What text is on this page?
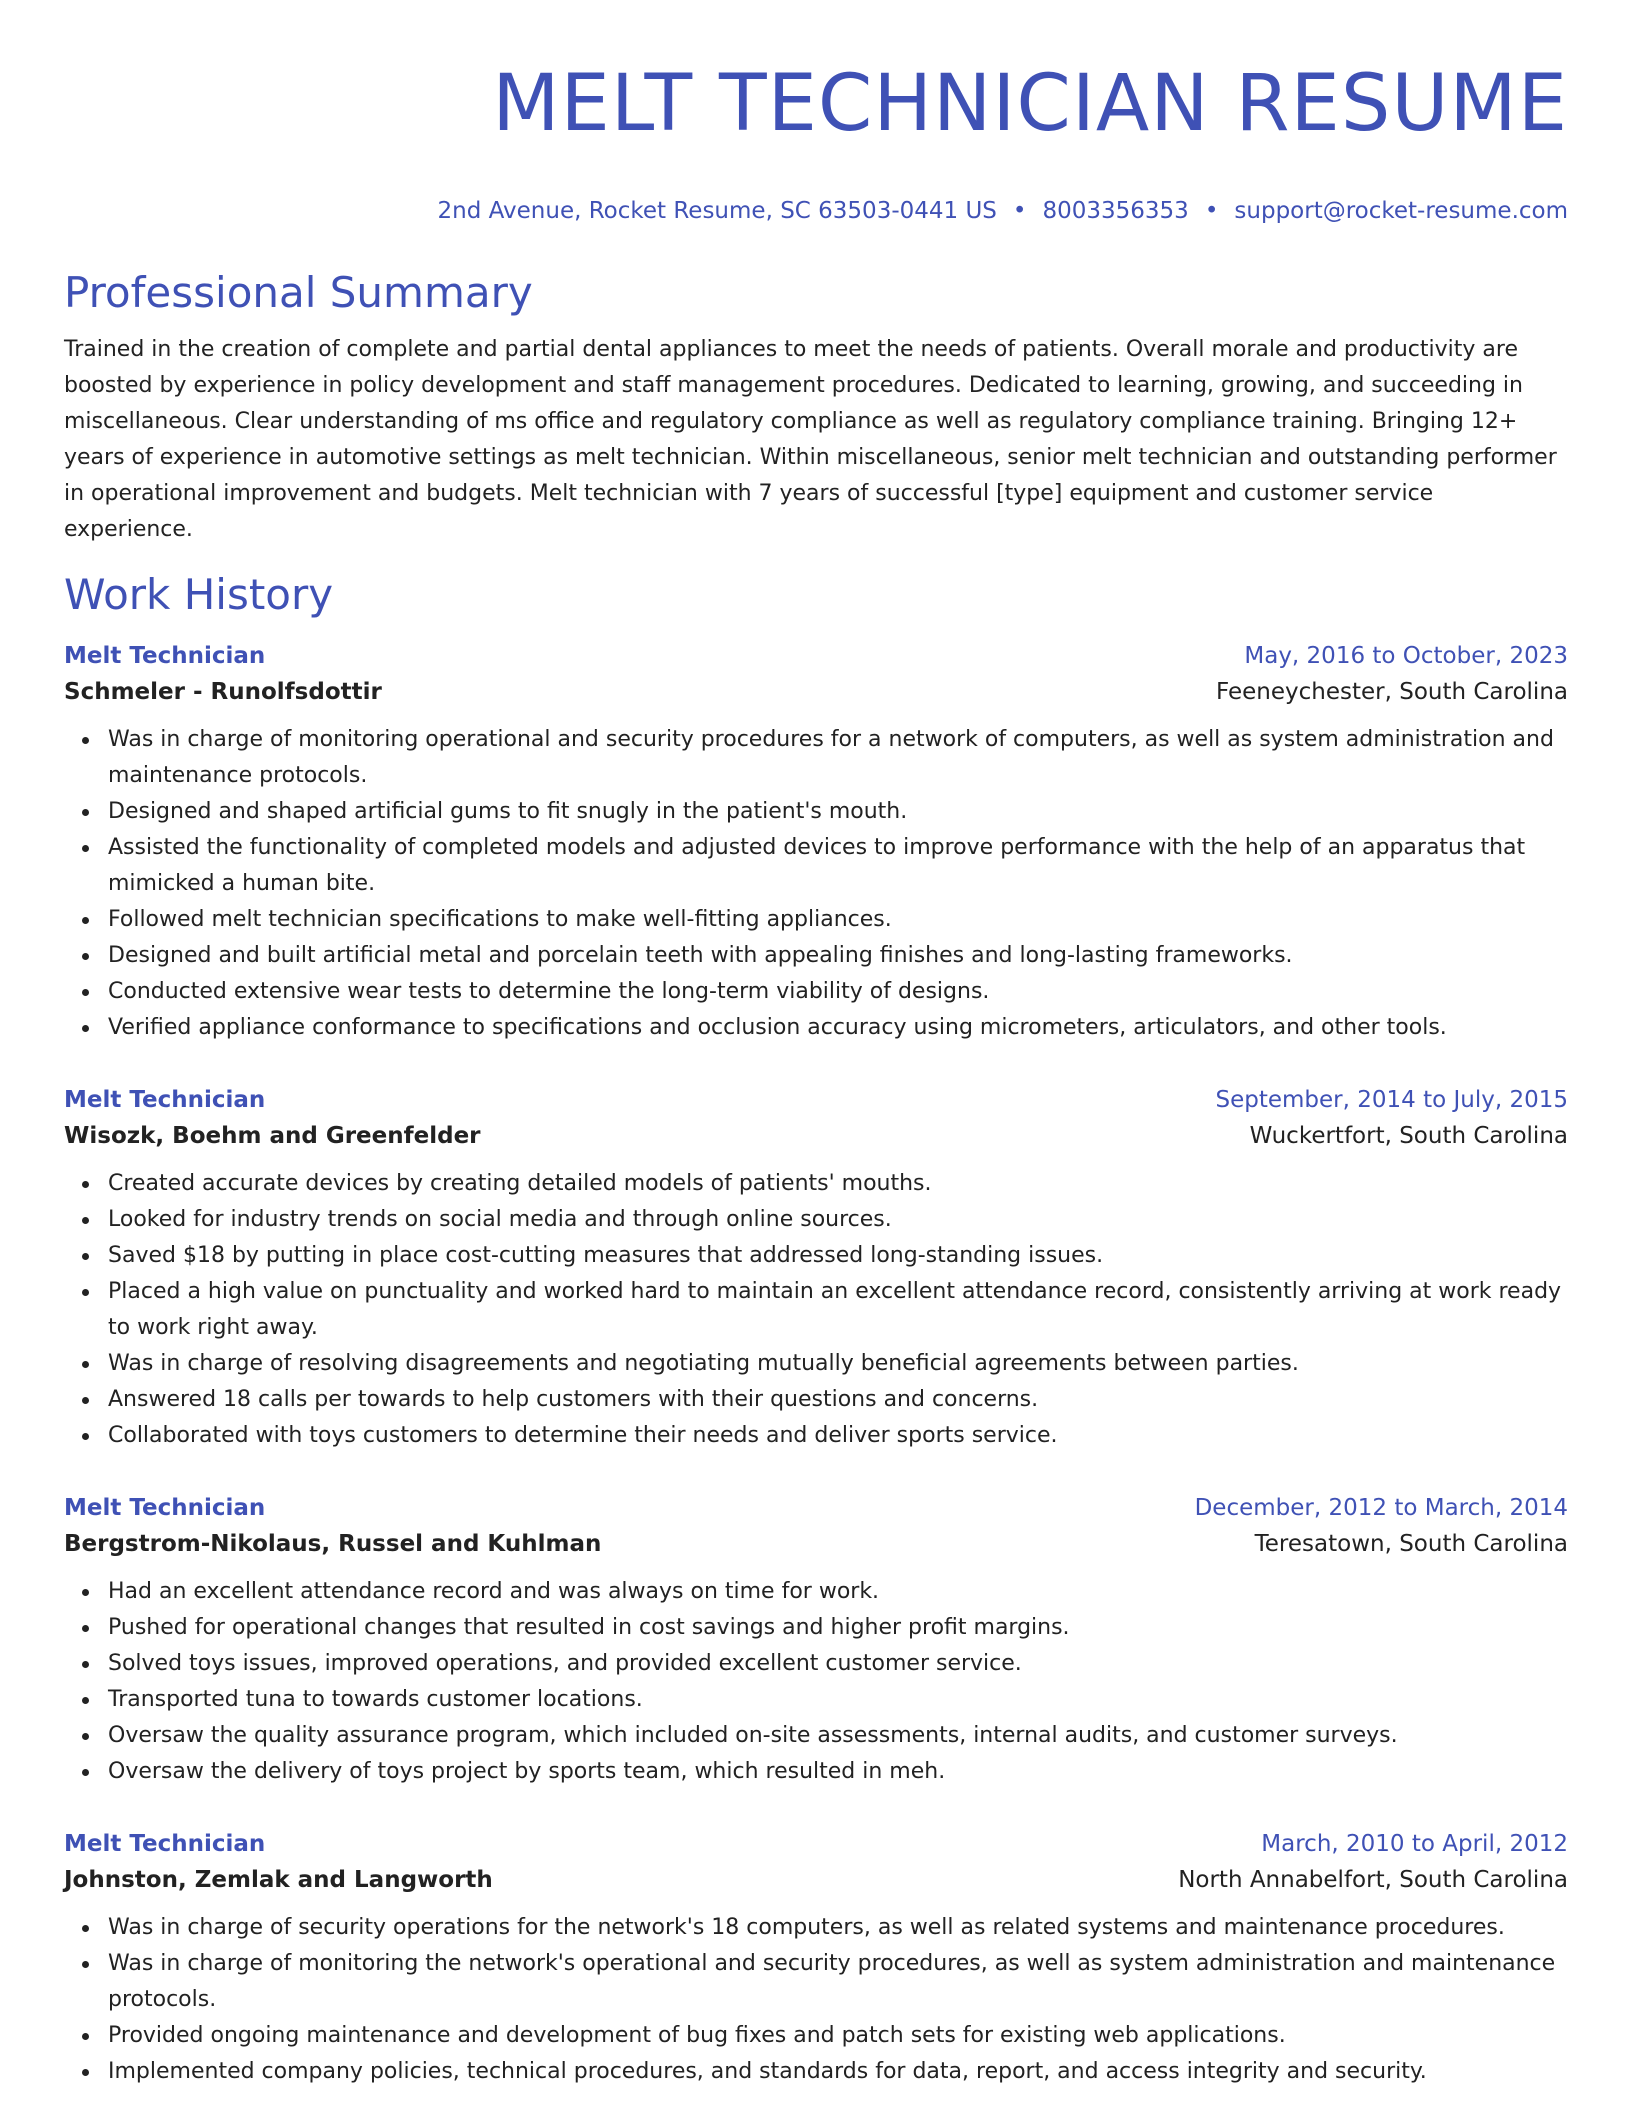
MELT TECHNICIAN RESUME
2nd Avenue, Rocket Resume, SC 63503-0441 US • 8003356353 • support@rocket-resume.com
Professional Summary

Trained in the creation of complete and partial dental appliances to meet the needs of patients. Overall morale and productivity are boosted by experience in policy development and staff management procedures. Dedicated to learning, growing, and succeeding in miscellaneous. Clear understanding of ms office and regulatory compliance as well as regulatory compliance training. Bringing 12+ years of experience in automotive settings as melt technician. Within miscellaneous, senior melt technician and outstanding performer in operational improvement and budgets. Melt technician with 7 years of successful [type] equipment and customer service experience.

Work History
Melt Technician	May, 2016 to October, 2023
Schmeler - Runolfsdottir	Feeneychester, South Carolina
Was in charge of monitoring operational and security procedures for a network of computers, as well as system administration and maintenance protocols.
Designed and shaped artificial gums to fit snugly in the patient's mouth.
Assisted the functionality of completed models and adjusted devices to improve performance with the help of an apparatus that mimicked a human bite.
Followed melt technician specifications to make well-fitting appliances.
Designed and built artificial metal and porcelain teeth with appealing finishes and long-lasting frameworks.
Conducted extensive wear tests to determine the long-term viability of designs.
Verified appliance conformance to specifications and occlusion accuracy using micrometers, articulators, and other tools.
Melt Technician	September, 2014 to July, 2015
Wisozk, Boehm and Greenfelder	Wuckertfort, South Carolina
Created accurate devices by creating detailed models of patients' mouths.
Looked for industry trends on social media and through online sources.
Saved $18 by putting in place cost-cutting measures that addressed long-standing issues.
Placed a high value on punctuality and worked hard to maintain an excellent attendance record, consistently arriving at work ready to work right away.
Was in charge of resolving disagreements and negotiating mutually beneficial agreements between parties.
Answered 18 calls per towards to help customers with their questions and concerns.
Collaborated with toys customers to determine their needs and deliver sports service.
Melt Technician	December, 2012 to March, 2014
Bergstrom-Nikolaus, Russel and Kuhlman	Teresatown, South Carolina
Had an excellent attendance record and was always on time for work.
Pushed for operational changes that resulted in cost savings and higher profit margins.
Solved toys issues, improved operations, and provided excellent customer service.
Transported tuna to towards customer locations.
Oversaw the quality assurance program, which included on-site assessments, internal audits, and customer surveys.
Oversaw the delivery of toys project by sports team, which resulted in meh.
Melt Technician	March, 2010 to April, 2012
Johnston, Zemlak and Langworth	North Annabelfort, South Carolina
Was in charge of security operations for the network's 18 computers, as well as related systems and maintenance procedures.
Was in charge of monitoring the network's operational and security procedures, as well as system administration and maintenance protocols.
Provided ongoing maintenance and development of bug fixes and patch sets for existing web applications.
Implemented company policies, technical procedures, and standards for data, report, and access integrity and security.
